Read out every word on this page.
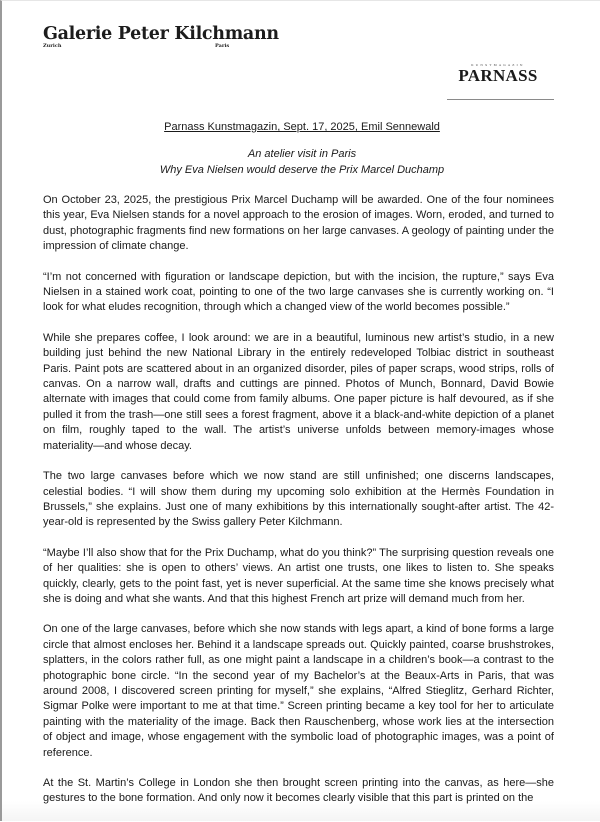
Galerie Peter Kilchmann
Zurich	Paris
KUNSTMAGAZIN
PARNASS
Parnass Kunstmagazin, Sept. 17, 2025, Emil Sennewald
An atelier visit in Paris
Why Eva Nielsen would deserve the Prix Marcel Duchamp

On October 23, 2025, the prestigious Prix Marcel Duchamp will be awarded. One of the four nominees this year, Eva Nielsen stands for a novel approach to the erosion of images. Worn, eroded, and turned to dust, photographic fragments find new formations on her large canvases. A geology of painting under the impression of climate change.

“I’m not concerned with figuration or landscape depiction, but with the incision, the rupture,” says Eva Nielsen in a stained work coat, pointing to one of the two large canvases she is currently working on. “I look for what eludes recognition, through which a changed view of the world becomes possible.”

While she prepares coffee, I look around: we are in a beautiful, luminous new artist’s studio, in a new building just behind the new National Library in the entirely redeveloped Tolbiac district in southeast Paris. Paint pots are scattered about in an organized disorder, piles of paper scraps, wood strips, rolls of canvas. On a narrow wall, drafts and cuttings are pinned. Photos of Munch, Bonnard, David Bowie alternate with images that could come from family albums. One paper picture is half devoured, as if she pulled it from the trash—one still sees a forest fragment, above it a black-and-white depiction of a planet on film, roughly taped to the wall. The artist’s universe unfolds between memory-images whose materiality—and whose decay.

The two large canvases before which we now stand are still unfinished; one discerns landscapes, celestial bodies. “I will show them during my upcoming solo exhibition at the Hermès Foundation in Brussels,” she explains. Just one of many exhibitions by this internationally sought-after artist. The 42-year-old is represented by the Swiss gallery Peter Kilchmann.

“Maybe I’ll also show that for the Prix Duchamp, what do you think?” The surprising question reveals one of her qualities: she is open to others’ views. An artist one trusts, one likes to listen to. She speaks quickly, clearly, gets to the point fast, yet is never superficial. At the same time she knows precisely what she is doing and what she wants. And that this highest French art prize will demand much from her.

On one of the large canvases, before which she now stands with legs apart, a kind of bone forms a large circle that almost encloses her. Behind it a landscape spreads out. Quickly painted, coarse brushstrokes, splatters, in the colors rather full, as one might paint a landscape in a children’s book—a contrast to the photographic bone circle. “In the second year of my Bachelor’s at the Beaux-Arts in Paris, that was around 2008, I discovered screen printing for myself,” she explains, “Alfred Stieglitz, Gerhard Richter, Sigmar Polke were important to me at that time.” Screen printing became a key tool for her to articulate painting with the materiality of the image. Back then Rauschenberg, whose work lies at the intersection of object and image, whose engagement with the symbolic load of photographic images, was a point of reference.

At the St. Martin’s College in London she then brought screen printing into the canvas, as here—she gestures to the bone formation. And only now it becomes clearly visible that this part is printed on the
